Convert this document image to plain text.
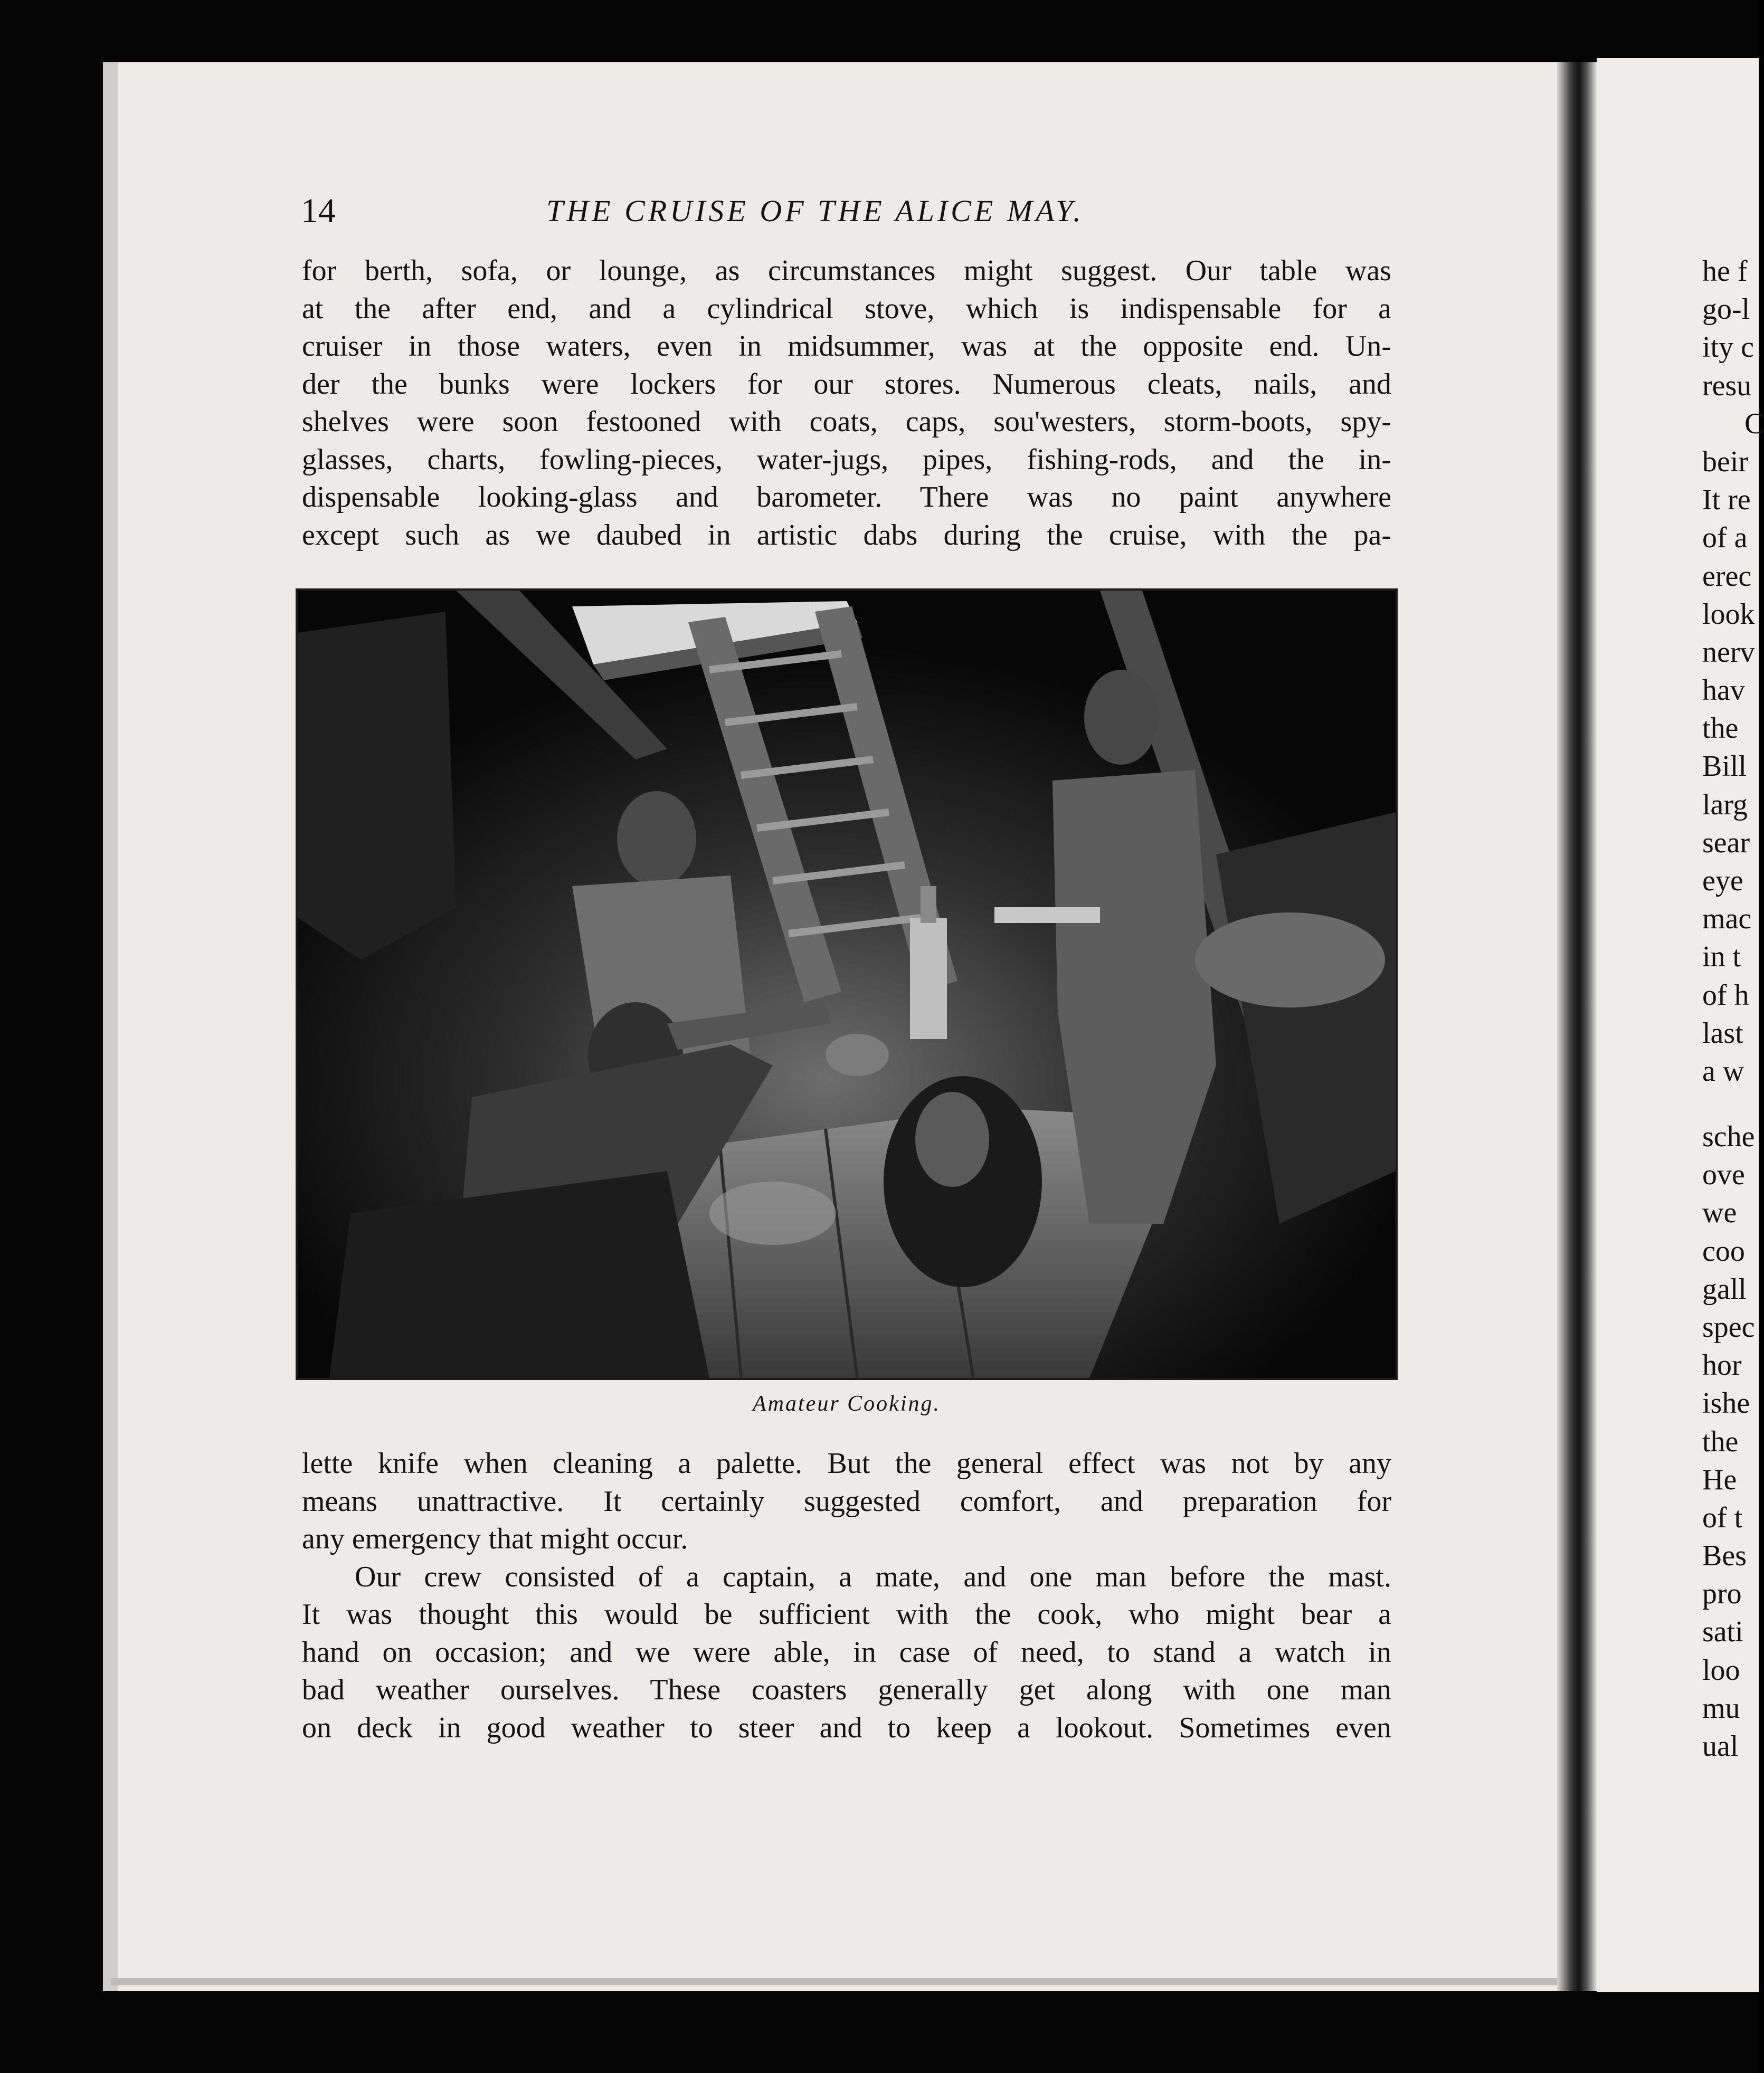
14	THE CRUISE OF THE ALICE MAY.
for berth, sofa, or lounge, as circumstances might suggest. Our table was
at the after end, and a cylindrical stove, which is indispensable for a
cruiser in those waters, even in midsummer, was at the opposite end. Un-
der the bunks were lockers for our stores. Numerous cleats, nails, and
shelves were soon festooned with coats, caps, sou'westers, storm-boots, spy-
glasses, charts, fowling-pieces, water-jugs, pipes, fishing-rods, and the in-
dispensable looking-glass and barometer. There was no paint anywhere
except such as we daubed in artistic dabs during the cruise, with the pa-
Amateur Cooking.
lette knife when cleaning a palette. But the general effect was not by any
means unattractive. It certainly suggested comfort, and preparation for
any emergency that might occur.
Our crew consisted of a captain, a mate, and one man before the mast.
It was thought this would be sufficient with the cook, who might bear a
hand on occasion; and we were able, in case of need, to stand a watch in
bad weather ourselves. These coasters generally get along with one man
on deck in good weather to steer and to keep a lookout. Sometimes even
he f
go-l
ity c
resu
C
beir
It re
of a
erec
look
nerv
hav
the
Bill
larg
sear
eye
mac
in t
of h
last
a w
sche
ove
we
coo
gall
spec
hor
ishe
the
He
of t
Bes
pro
sati
loo
mu
ual
